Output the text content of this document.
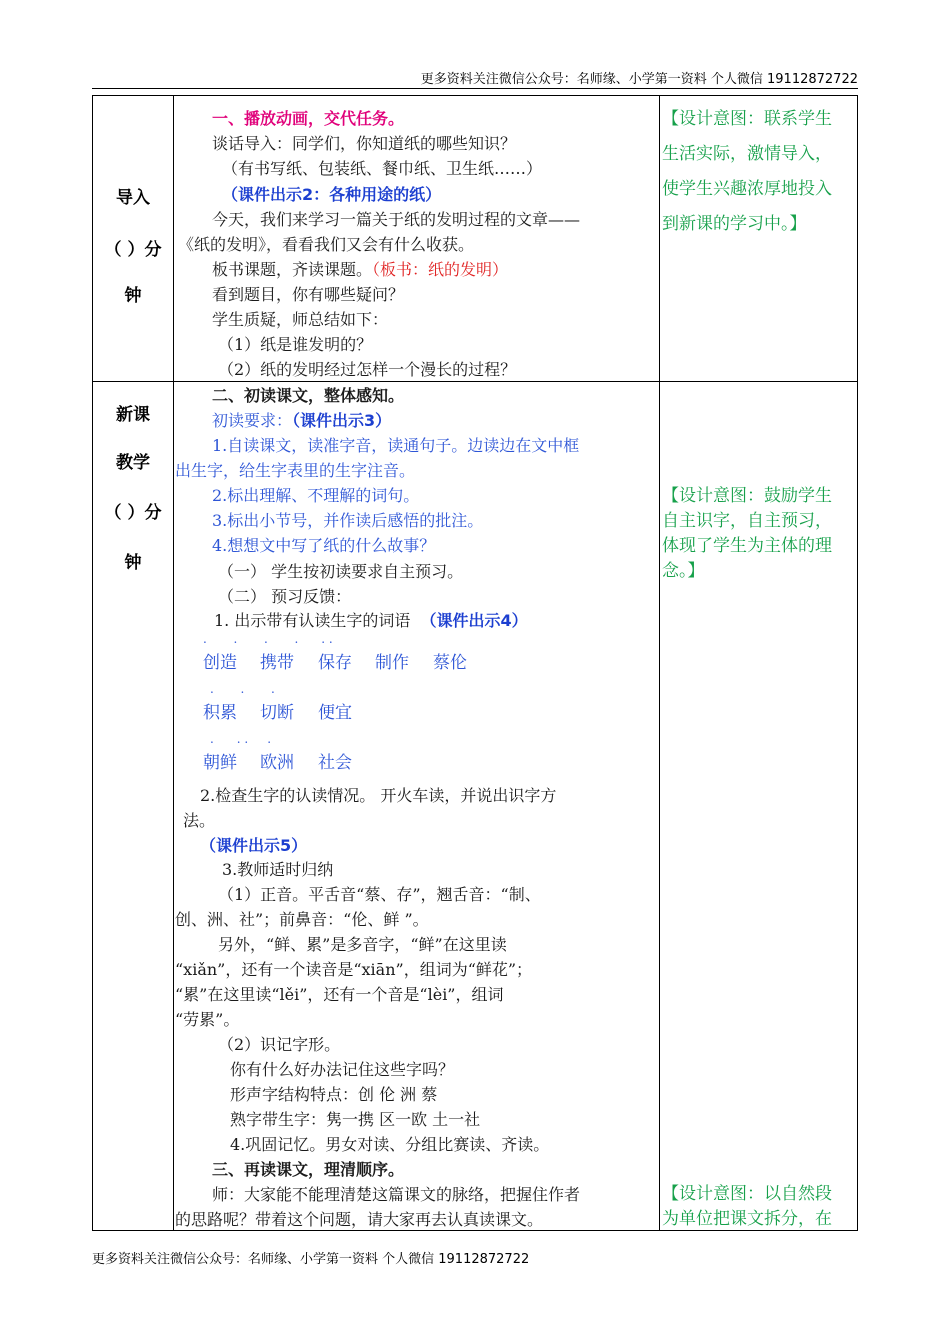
更多资料关注微信公众号：名师缘、小学第一资料 个人微信 19112872722
导入
（ ）分
钟
新课
教学
（ ）分
钟
一、播放动画，交代任务。
谈话导入：同学们，你知道纸的哪些知识？
（有书写纸、包装纸、餐巾纸、卫生纸……）
（课件出示2：各种用途的纸）
今天，我们来学习一篇关于纸的发明过程的文章——
《纸的发明》，看看我们又会有什么收获。
板书课题，齐读课题。（板书：纸的发明）
看到题目，你有哪些疑问？
学生质疑，师总结如下：
（1）纸是谁发明的？
（2）纸的发明经过怎样一个漫长的过程？
【设计意图：联系学生
生活实际，激情导入，
使学生兴趣浓厚地投入
到新课的学习中。】
二、初读课文，整体感知。
初读要求：（课件出示3）
1.自读课文，读准字音，读通句子。边读边在文中框
出生字，给生字表里的生字注音。
2.标出理解、不理解的词句。
3.标出小节号，并作读后感悟的批注。
4.想想文中写了纸的什么故事？
（一） 学生按初读要求自主预习。
（二） 预习反馈：
1. 出示带有认读生字的词语 （课件出示4）
.       .       .       .      . .
创造 携带 保存 制作 蔡伦
.       .       .
积累 切断 便宜
.      . .     .
朝鲜 欧洲 社会
2.检查生字的认读情况。 开火车读，并说出识字方
法。
（课件出示5）
3.教师适时归纳
（1）正音。平舌音“蔡、存”，翘舌音：“制、
创、洲、社”；前鼻音：“伦、鲜 ”。
另外，“鲜、累”是多音字，“鲜”在这里读
“xiǎn”，还有一个读音是“xiān”，组词为“鲜花”；
“累”在这里读“lěi”，还有一个音是“lèi”，组词
“劳累”。
（2）识记字形。
你有什么好办法记住这些字吗？
形声字结构特点：创 伦 洲 蔡
熟字带生字：隽一携 区一欧 土一社
4.巩固记忆。男女对读、分组比赛读、齐读。
三、再读课文，理清顺序。
师：大家能不能理清楚这篇课文的脉络，把握住作者
的思路呢？带着这个问题，请大家再去认真读课文。
【设计意图：鼓励学生
自主识字，自主预习，
体现了学生为主体的理
念。】
【设计意图：以自然段
为单位把课文拆分，在
更多资料关注微信公众号：名师缘、小学第一资料 个人微信 19112872722
